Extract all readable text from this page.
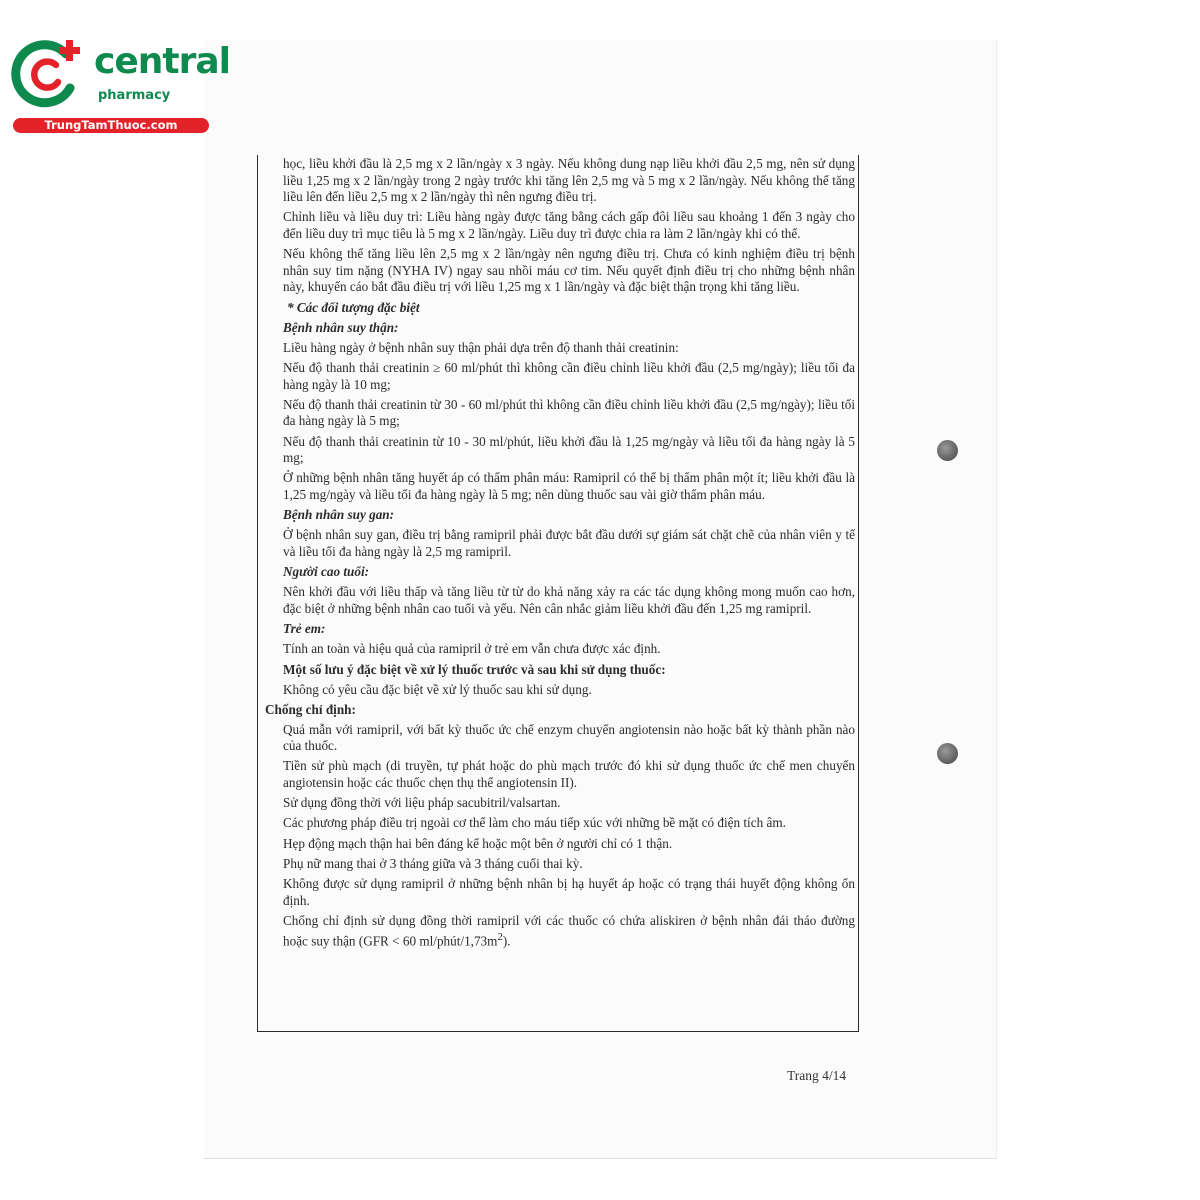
central
pharmacy
TrungTamThuoc.com

học, liều khởi đầu là 2,5 mg x 2 lần/ngày x 3 ngày. Nếu không dung nạp liều khởi đầu 2,5 mg, nên sử dụng liều 1,25 mg x 2 lần/ngày trong 2 ngày trước khi tăng lên 2,5 mg và 5 mg x 2 lần/ngày. Nếu không thể tăng liều lên đến liều 2,5 mg x 2 lần/ngày thì nên ngưng điều trị.

Chỉnh liều và liều duy trì: Liều hàng ngày được tăng bằng cách gấp đôi liều sau khoảng 1 đến 3 ngày cho đến liều duy trì mục tiêu là 5 mg x 2 lần/ngày. Liều duy trì được chia ra làm 2 lần/ngày khi có thể.

Nếu không thể tăng liều lên 2,5 mg x 2 lần/ngày nên ngưng điều trị. Chưa có kinh nghiệm điều trị bệnh nhân suy tim nặng (NYHA IV) ngay sau nhồi máu cơ tim. Nếu quyết định điều trị cho những bệnh nhân này, khuyến cáo bắt đầu điều trị với liều 1,25 mg x 1 lần/ngày và đặc biệt thận trọng khi tăng liều.

* Các đối tượng đặc biệt

Bệnh nhân suy thận:

Liều hàng ngày ở bệnh nhân suy thận phải dựa trên độ thanh thải creatinin:

Nếu độ thanh thải creatinin ≥ 60 ml/phút thì không cần điều chỉnh liều khởi đầu (2,5 mg/ngày); liều tối đa hàng ngày là 10 mg;

Nếu độ thanh thải creatinin từ 30 - 60 ml/phút thì không cần điều chỉnh liều khởi đầu (2,5 mg/ngày); liều tối đa hàng ngày là 5 mg;

Nếu độ thanh thải creatinin từ 10 - 30 ml/phút, liều khởi đầu là 1,25 mg/ngày và liều tối đa hàng ngày là 5 mg;

Ở những bệnh nhân tăng huyết áp có thẩm phân máu: Ramipril có thể bị thẩm phân một ít; liều khởi đầu là 1,25 mg/ngày và liều tối đa hàng ngày là 5 mg; nên dùng thuốc sau vài giờ thẩm phân máu.

Bệnh nhân suy gan:

Ở bệnh nhân suy gan, điều trị bằng ramipril phải được bắt đầu dưới sự giám sát chặt chẽ của nhân viên y tế và liều tối đa hàng ngày là 2,5 mg ramipril.

Người cao tuổi:

Nên khởi đầu với liều thấp và tăng liều từ từ do khả năng xảy ra các tác dụng không mong muốn cao hơn, đặc biệt ở những bệnh nhân cao tuổi và yếu. Nên cân nhắc giảm liều khởi đầu đến 1,25 mg ramipril.

Trẻ em:

Tính an toàn và hiệu quả của ramipril ở trẻ em vẫn chưa được xác định.

Một số lưu ý đặc biệt về xử lý thuốc trước và sau khi sử dụng thuốc:

Không có yêu cầu đặc biệt về xử lý thuốc sau khi sử dụng.

Chống chỉ định:

Quá mẫn với ramipril, với bất kỳ thuốc ức chế enzym chuyển angiotensin nào hoặc bất kỳ thành phần nào của thuốc.

Tiền sử phù mạch (di truyền, tự phát hoặc do phù mạch trước đó khi sử dụng thuốc ức chế men chuyển angiotensin hoặc các thuốc chẹn thụ thể angiotensin II).

Sử dụng đồng thời với liệu pháp sacubitril/valsartan.

Các phương pháp điều trị ngoài cơ thể làm cho máu tiếp xúc với những bề mặt có điện tích âm.

Hẹp động mạch thận hai bên đáng kể hoặc một bên ở người chỉ có 1 thận.

Phụ nữ mang thai ở 3 tháng giữa và 3 tháng cuối thai kỳ.

Không được sử dụng ramipril ở những bệnh nhân bị hạ huyết áp hoặc có trạng thái huyết động không ổn định.

Chống chỉ định sử dụng đồng thời ramipril với các thuốc có chứa aliskiren ở bệnh nhân đái tháo đường hoặc suy thận (GFR < 60 $ml/phút/1,73m^2$).

Trang 4/14
